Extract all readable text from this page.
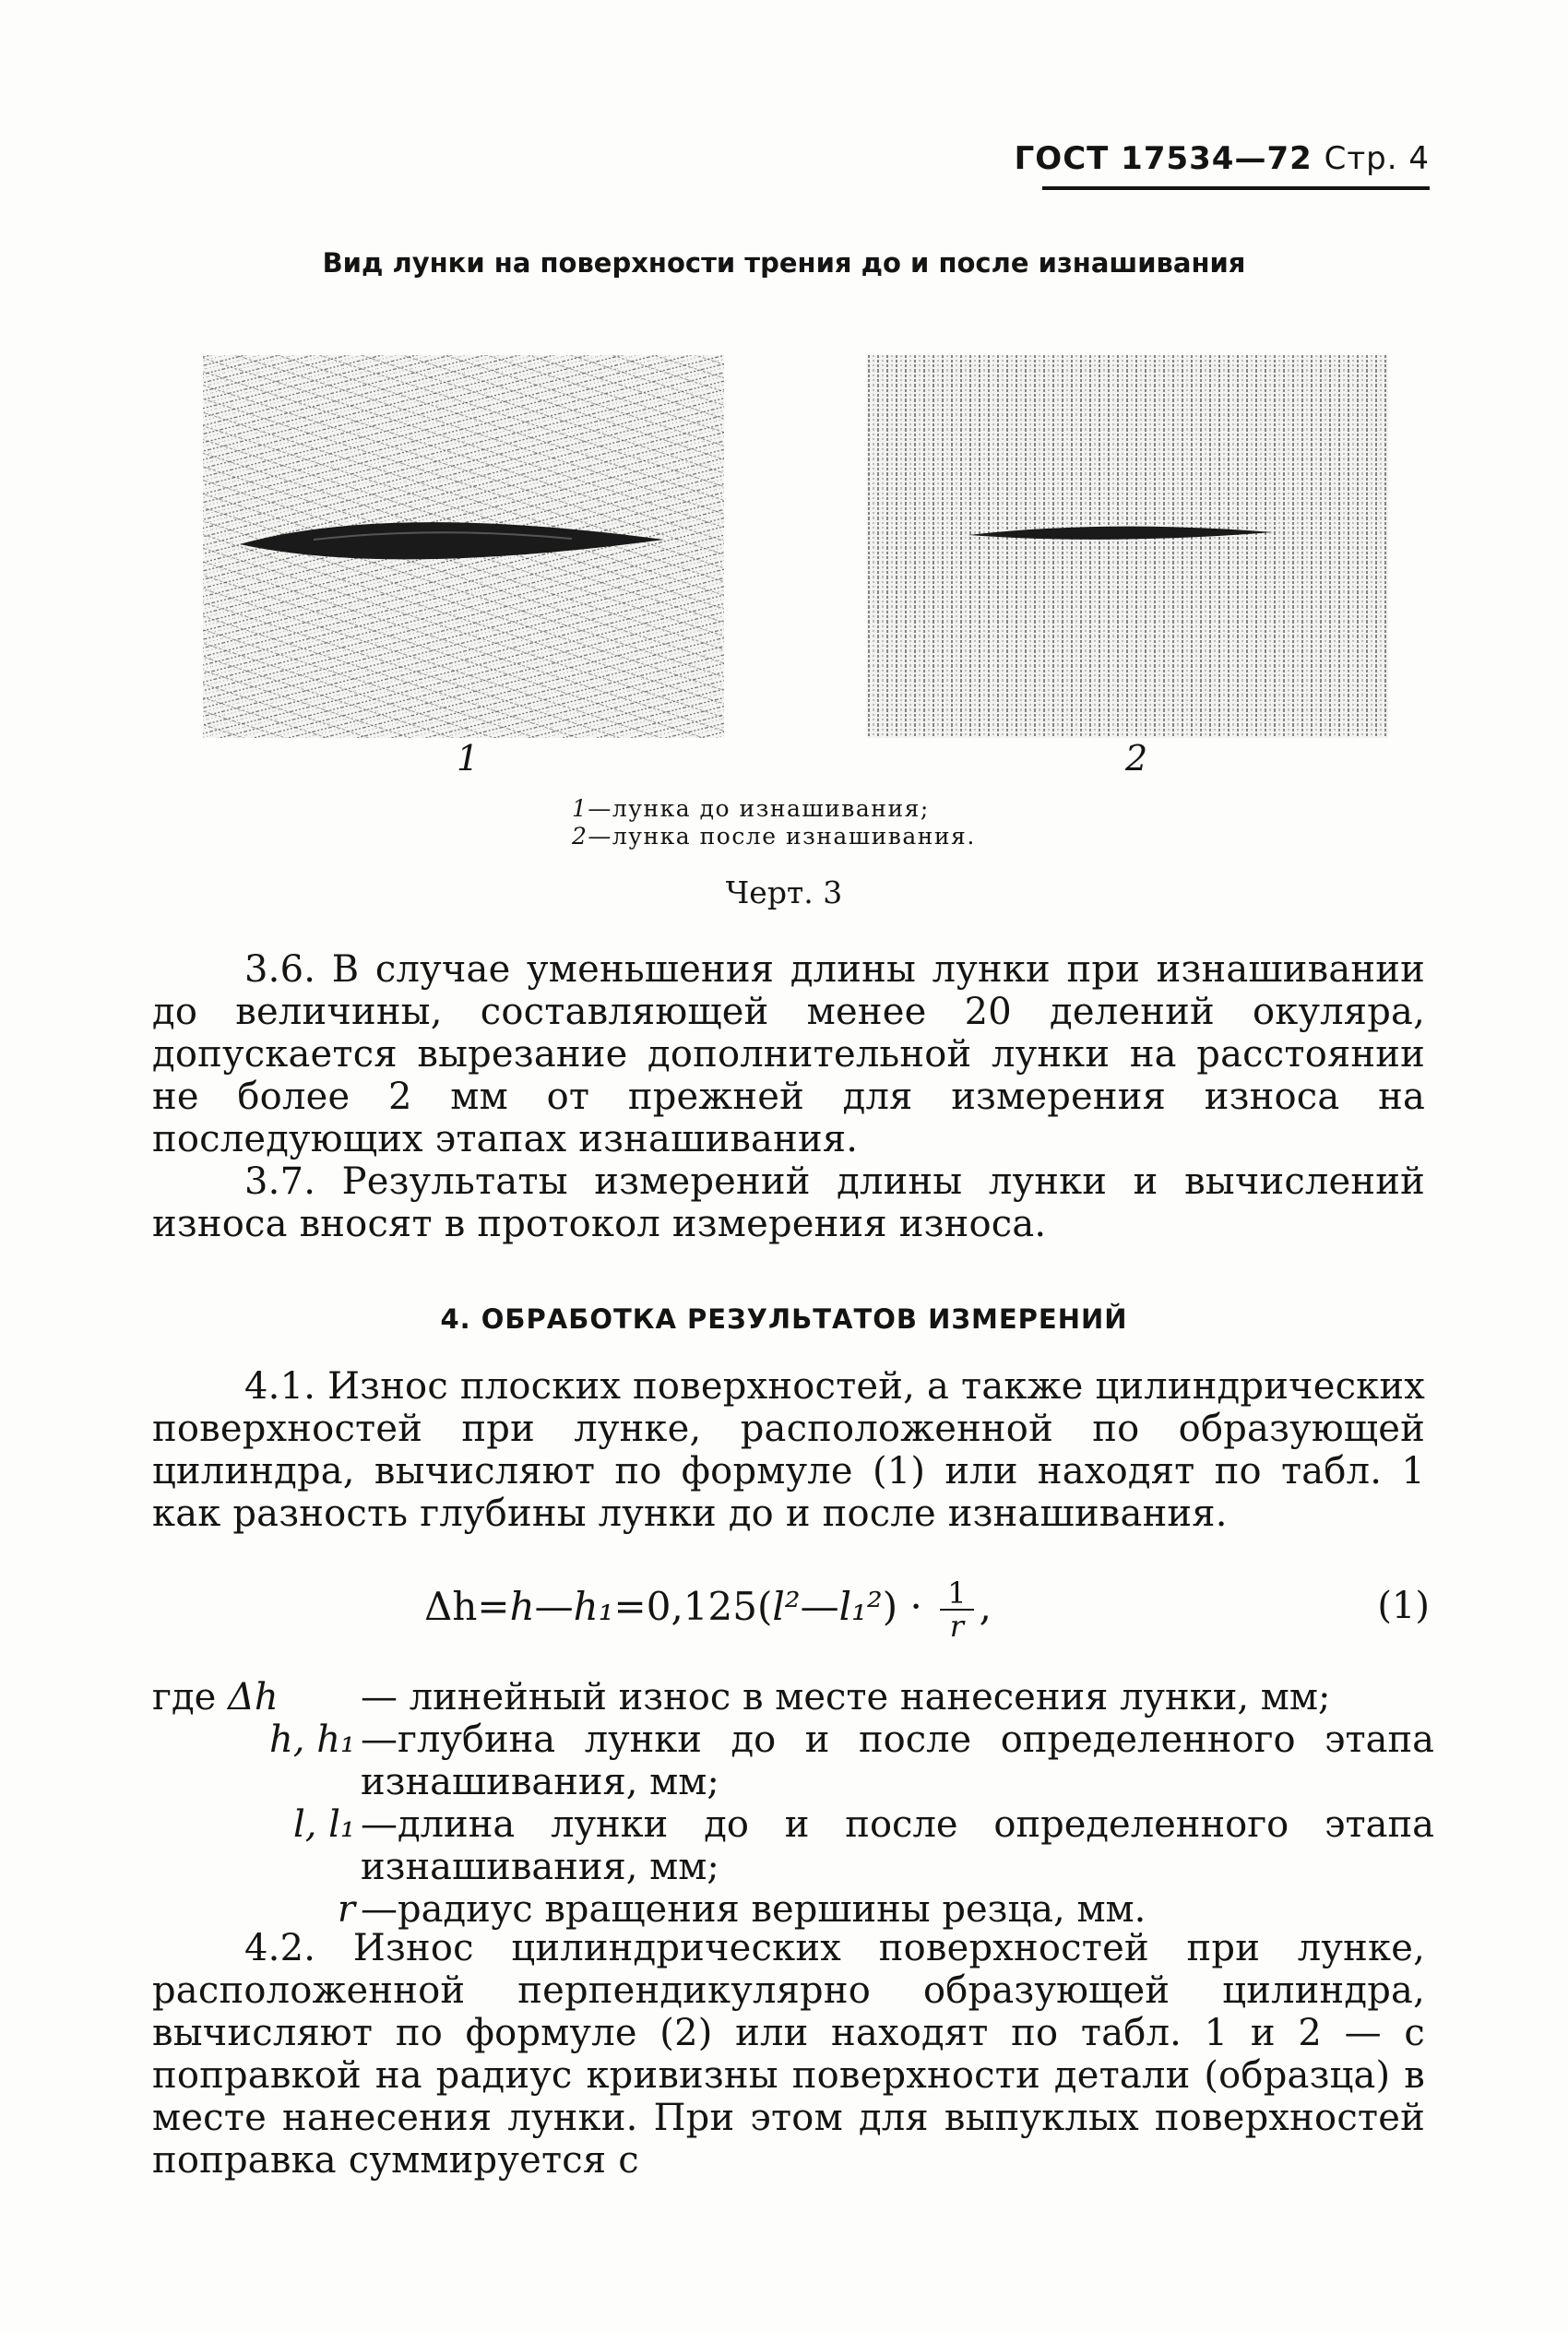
ГОСТ 17534—72 Стр. 4
Вид лунки на поверхности трения до и после изнашивания
1	2
1—лунка до изнашивания;
2—лунка после изнашивания.
Черт. 3

3.6. В случае уменьшения длины лунки при изнашивании до величины, составляющей менее 20 делений окуляра, допускается вырезание дополнительной лунки на расстоянии не более 2 мм от прежней для измерения износа на последующих этапах изнашивания.

3.7. Результаты измерений длины лунки и вычислений износа вносят в протокол измерения износа.

4. ОБРАБОТКА РЕЗУЛЬТАТОВ ИЗМЕРЕНИЙ

4.1. Износ плоских поверхностей, а также цилиндрических поверхностей при лунке, расположенной по образующей цилиндра, вычисляют по формуле (1) или находят по табл. 1 как разность глубины лунки до и после изнашивания.

Δh=h—h₁=0,125(l²—l₁²) · $\frac{1}{r}$ ,	(1)
где Δh	— линейный износ в месте нанесения лунки, мм;
h, h₁ —глубина лунки до и после определенного этапа изнашивания, мм;
l, l₁ —длина лунки до и после определенного этапа изнашивания, мм;
r —радиус вращения вершины резца, мм.

4.2. Износ цилиндрических поверхностей при лунке, расположенной перпендикулярно образующей цилиндра, вычисляют по формуле (2) или находят по табл. 1 и 2 — с поправкой на радиус кривизны поверхности детали (образца) в месте нанесения лунки. При этом для выпуклых поверхностей поправка суммируется с
